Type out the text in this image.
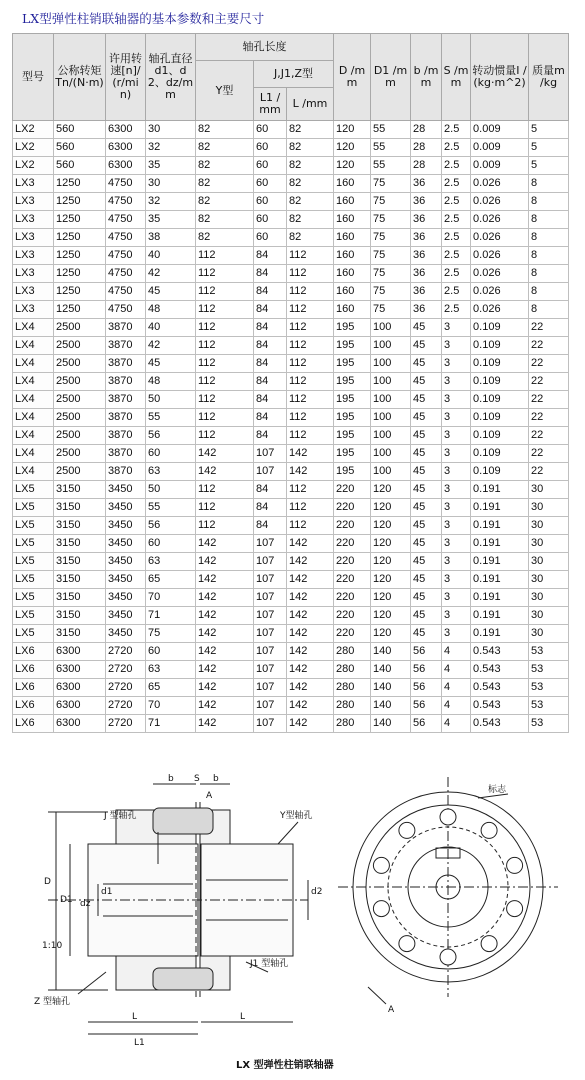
LX型弹性柱销联轴器的基本参数和主要尺寸
型号	公称转矩Tn/(N·m)	许用转速[n]/(r/min)	轴孔直径d1、d2、dz/mm	轴孔长度			D /mm	D1 /mm	b /mm	S /mm	转动惯量I /(kg·m^2)	质量m /kg
				Y型	J,J1,Z型							
					L1 /mm	L /mm						
LX2	560	6300	30	82	60	82	120	55	28	2.5	0.009	5
LX2	560	6300	32	82	60	82	120	55	28	2.5	0.009	5
LX2	560	6300	35	82	60	82	120	55	28	2.5	0.009	5
LX3	1250	4750	30	82	60	82	160	75	36	2.5	0.026	8
LX3	1250	4750	32	82	60	82	160	75	36	2.5	0.026	8
LX3	1250	4750	35	82	60	82	160	75	36	2.5	0.026	8
LX3	1250	4750	38	82	60	82	160	75	36	2.5	0.026	8
LX3	1250	4750	40	112	84	112	160	75	36	2.5	0.026	8
LX3	1250	4750	42	112	84	112	160	75	36	2.5	0.026	8
LX3	1250	4750	45	112	84	112	160	75	36	2.5	0.026	8
LX3	1250	4750	48	112	84	112	160	75	36	2.5	0.026	8
LX4	2500	3870	40	112	84	112	195	100	45	3	0.109	22
LX4	2500	3870	42	112	84	112	195	100	45	3	0.109	22
LX4	2500	3870	45	112	84	112	195	100	45	3	0.109	22
LX4	2500	3870	48	112	84	112	195	100	45	3	0.109	22
LX4	2500	3870	50	112	84	112	195	100	45	3	0.109	22
LX4	2500	3870	55	112	84	112	195	100	45	3	0.109	22
LX4	2500	3870	56	112	84	112	195	100	45	3	0.109	22
LX4	2500	3870	60	142	107	142	195	100	45	3	0.109	22
LX4	2500	3870	63	142	107	142	195	100	45	3	0.109	22
LX5	3150	3450	50	112	84	112	220	120	45	3	0.191	30
LX5	3150	3450	55	112	84	112	220	120	45	3	0.191	30
LX5	3150	3450	56	112	84	112	220	120	45	3	0.191	30
LX5	3150	3450	60	142	107	142	220	120	45	3	0.191	30
LX5	3150	3450	63	142	107	142	220	120	45	3	0.191	30
LX5	3150	3450	65	142	107	142	220	120	45	3	0.191	30
LX5	3150	3450	70	142	107	142	220	120	45	3	0.191	30
LX5	3150	3450	71	142	107	142	220	120	45	3	0.191	30
LX5	3150	3450	75	142	107	142	220	120	45	3	0.191	30
LX6	6300	2720	60	142	107	142	280	140	56	4	0.543	53
LX6	6300	2720	63	142	107	142	280	140	56	4	0.543	53
LX6	6300	2720	65	142	107	142	280	140	56	4	0.543	53
LX6	6300	2720	70	142	107	142	280	140	56	4	0.543	53
LX6	6300	2720	71	142	107	142	280	140	56	4	0.543	53
J 型轴孔	Y型轴孔
J1 型轴孔
Z 型轴孔
1:10
标志
b S b
D
D1
d1	d2
dz
L
L1
L
A
A
LX 型弹性柱销联轴器
